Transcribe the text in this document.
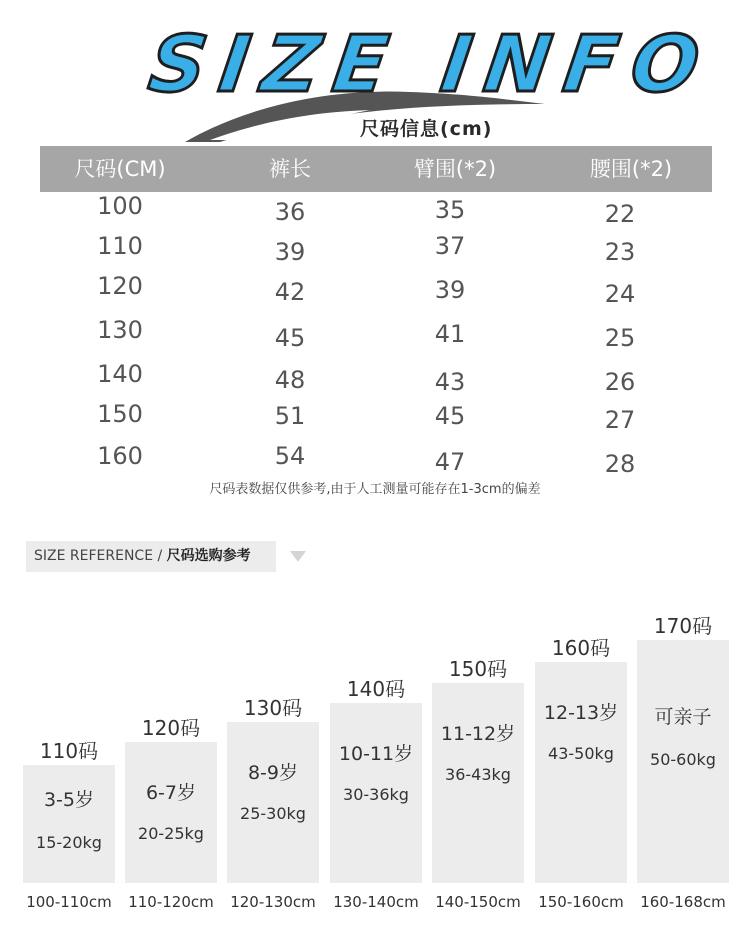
SIZE INFO
尺码信息(cm)
尺码(CM)	裤长	臂围(*2)	腰围(*2)
100	36	35	22
110	39	37	23
120	42	39	24
130	45	41	25
140	48	43	26
150	51	45	27
160	54	47	28
尺码表数据仅供参考,由于人工测量可能存在1-3cm的偏差
SIZE REFERENCE / 尺码选购参考
110码
3-5岁
15-20kg
100-110cm
120码
6-7岁
20-25kg
110-120cm
130码
8-9岁
25-30kg
120-130cm
140码
10-11岁
30-36kg
130-140cm
150码
11-12岁
36-43kg
140-150cm
160码
12-13岁
43-50kg
150-160cm
170码
可亲子
50-60kg
160-168cm
